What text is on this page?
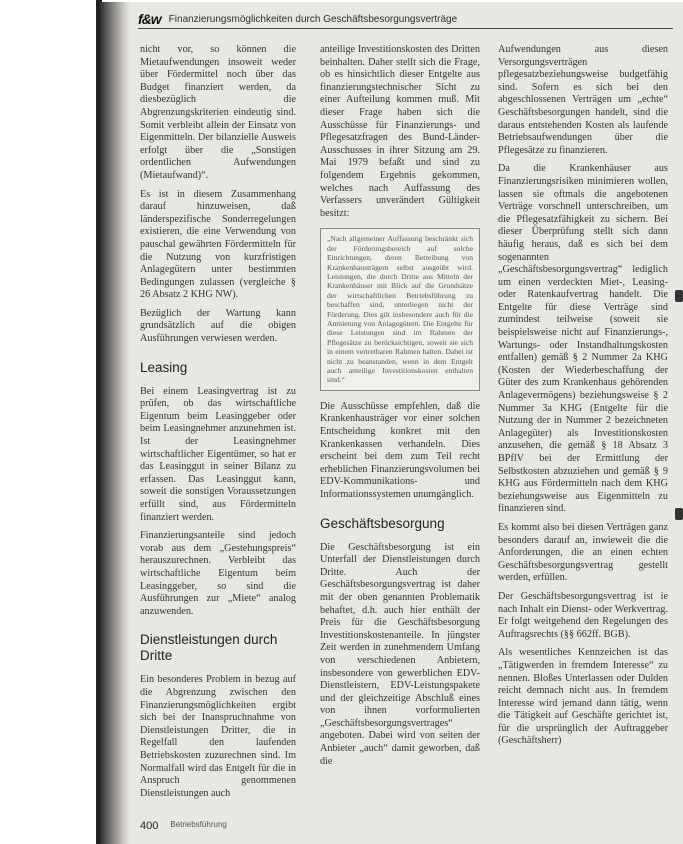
f&w Finanzierungsmöglichkeiten durch Geschäftsbesorgungsverträge

nicht vor, so können die Mietaufwendungen insoweit weder über Fördermittel noch über das Budget finanziert werden, da diesbezüglich die Abgrenzungskriterien eindeutig sind. Somit verbleibt allein der Einsatz von Eigenmitteln. Der bilanzielle Ausweis erfolgt über die „Sonstigen ordentlichen Aufwendungen (Mietaufwand)“.

Es ist in diesem Zusammenhang darauf hinzuweisen, daß länderspezifische Sonderregelungen existieren, die eine Verwendung von pauschal gewährten Fördermitteln für die Nutzung von kurzfristigen Anlagegütern unter bestimmten Bedingungen zulassen (vergleiche § 26 Absatz 2 KHG NW).

Bezüglich der Wartung kann grundsätzlich auf die obigen Ausführungen verwiesen werden.

Leasing

Bei einem Leasingvertrag ist zu prüfen, ob das wirtschaftliche Eigentum beim Leasinggeber oder beim Leasingnehmer anzunehmen ist. Ist der Leasingnehmer wirtschaftlicher Eigentümer, so hat er das Leasinggut in seiner Bilanz zu erfassen. Das Leasinggut kann, soweit die sonstigen Voraussetzungen erfüllt sind, aus Fördermitteln finanziert werden.

Finanzierungsanteile sind jedoch vorab aus dem „Gestehungspreis“ herauszurechnen. Verbleibt das wirtschaftliche Eigentum beim Leasinggeber, so sind die Ausführungen zur „Miete“ analog anzuwenden.

Dienstleistungen durch Dritte

Ein besonderes Problem in bezug auf die Abgrenzung zwischen den Finanzierungsmöglichkeiten ergibt sich bei der Inanspruchnahme von Dienstleistungen Dritter, die in Regelfall den laufenden Betriebskosten zuzurechnen sind. Im Normalfall wird das Entgelt für die in Anspruch genommenen Dienstleistungen auch

anteilige Investitionskosten des Dritten beinhalten. Daher stellt sich die Frage, ob es hinsichtlich dieser Entgelte aus finanzierungstechnischer Sicht zu einer Aufteilung kommen muß. Mit dieser Frage haben sich die Ausschüsse für Finanzierungs- und Pflegesatzfragen des Bund-Länder-Ausschusses in ihrer Sitzung am 29. Mai 1979 befaßt und sind zu folgendem Ergebnis gekommen, welches nach Auffassung des Verfassers unverändert Gültigkeit besitzt:

„Nach allgemeiner Auffassung beschränkt sich der Förderungsbereich auf solche Einrichtungen, deren Betreibung von Krankenhausträgern selbst ausgeübt wird. Leistungen, die durch Dritte aus Mitteln der Krankenhäuser mit Blick auf die Grundsätze der wirtschaftlichen Betriebsführung zu beschaffen sind, unterliegen nicht der Förderung. Dies gilt insbesondere auch für die Anmietung von Anlagegütern. Die Entgelte für diese Leistungen sind im Rahmen der Pflegesätze zu berücksichtigen, soweit sie sich in einem vertretbaren Rahmen halten. Dabei ist nicht zu beanstanden, wenn in dem Entgelt auch anteilige Investitionskosten enthalten sind.“

Die Ausschüsse empfehlen, daß die Krankenhausträger vor einer solchen Entscheidung konkret mit den Krankenkassen verhandeln. Dies erscheint bei dem zum Teil recht erheblichen Finanzierungsvolumen bei EDV-Kommunikations- und Informationssystemen unumgänglich.

Geschäftsbesorgung

Die Geschäftsbesorgung ist ein Unterfall der Dienstleistungen durch Dritte. Auch der Geschäftsbesorgungsvertrag ist daher mit der oben genannten Problematik behaftet, d.h. auch hier enthält der Preis für die Geschäftsbesorgung Investitionskostenanteile. In jüngster Zeit werden in zunehmendem Umfang von verschiedenen Anbietern, insbesondere von gewerblichen EDV-Dienstleistern, EDV-Leistungspakete und der gleichzeitige Abschluß eines von ihnen vorformulierten „Geschäftsbesorgungsvertrages“ angeboten. Dabei wird von seiten der Anbieter „auch“ damit geworben, daß die

Aufwendungen aus diesen Versorgungsverträgen pflegesatzbeziehungsweise budgetfähig sind. Sofern es sich bei den abgeschlossenen Verträgen um „echte“ Geschäftsbesorgungen handelt, sind die daraus entstehenden Kosten als laufende Betriebsaufwendungen über die Pflegesätze zu finanzieren.

Da die Krankenhäuser aus Finanzierungsrisiken minimieren wollen, lassen sie oftmals die angebotenen Verträge vorschnell unterschreiben, um die Pflegesatzfähigkeit zu sichern. Bei dieser Überprüfung stellt sich dann häufig heraus, daß es sich bei dem sogenannten „Geschäftsbesorgungsvertrag“ lediglich um einen verdeckten Miet-, Leasing- oder Ratenkaufvertrag handelt. Die Entgelte für diese Verträge sind zumindest teilweise (soweit sie beispielsweise nicht auf Finanzierungs-, Wartungs- oder Instandhaltungskosten entfallen) gemäß § 2 Nummer 2a KHG (Kosten der Wiederbeschaffung der Güter des zum Krankenhaus gehörenden Anlagevermögens) beziehungsweise § 2 Nummer 3a KHG (Entgelte für die Nutzung der in Nummer 2 bezeichneten Anlagegüter) als Investitionskosten anzusehen, die gemäß § 18 Absatz 3 BPflV bei der Ermittlung der Selbstkosten abzuziehen und gemäß § 9 KHG aus Fördermitteln nach dem KHG beziehungsweise aus Eigenmitteln zu finanzieren sind.

Es kommt also bei diesen Verträgen ganz besonders darauf an, inwieweit die die Anforderungen, die an einen echten Geschäftsbesorgungsvertrag gestellt werden, erfüllen.

Der Geschäftsbesorgungsvertrag ist ie nach Inhalt ein Dienst- oder Werkvertrag. Er folgt weitgehend den Regelungen des Auftragsrechts (§§ 662ff. BGB).

Als wesentliches Kennzeichen ist das „Tätigwerden in fremdem Interesse“ zu nennen. Bloßes Unterlassen oder Dulden reicht demnach nicht aus. In fremdem Interesse wird jemand dann tätig, wenn die Tätigkeit auf Geschäfte gerichtet ist, für die ursprünglich der Auftraggeber (Geschäftsherr)

400 Betriebsführung
